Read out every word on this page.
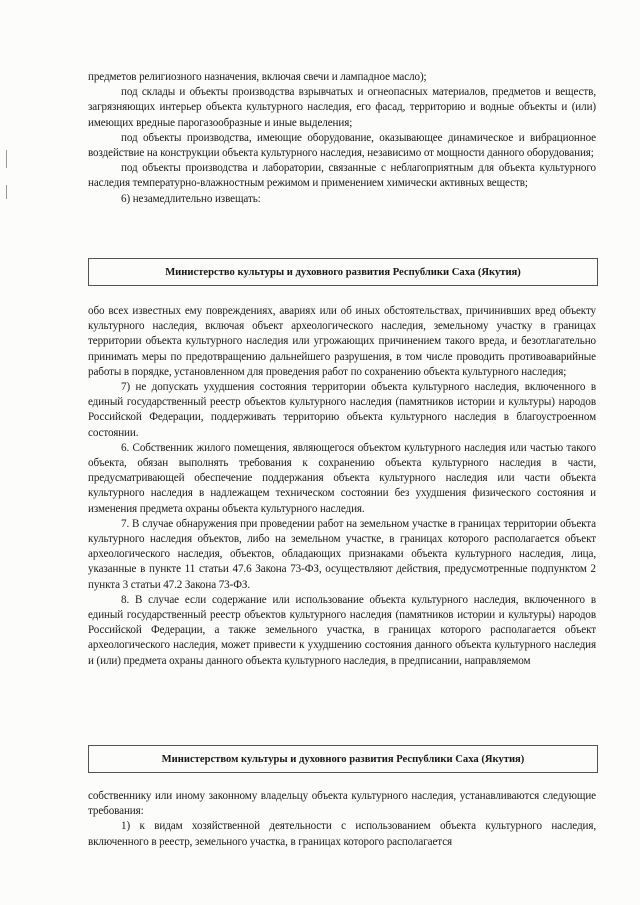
предметов религиозного назначения, включая свечи и лампадное масло);

под склады и объекты производства взрывчатых и огнеопасных материалов, предметов и веществ, загрязняющих интерьер объекта культурного наследия, его фасад, территорию и водные объекты и (или) имеющих вредные парогазообразные и иные выделения;

под объекты производства, имеющие оборудование, оказывающее динамическое и вибрационное воздействие на конструкции объекта культурного наследия, независимо от мощности данного оборудования;

под объекты производства и лаборатории, связанные с неблагоприятным для объекта культурного наследия температурно-влажностным режимом и применением химически активных веществ;

6) незамедлительно извещать:

Министерство культуры и духовного развития Республики Саха (Якутия)

обо всех известных ему повреждениях, авариях или об иных обстоятельствах, причинивших вред объекту культурного наследия, включая объект археологического наследия, земельному участку в границах территории объекта культурного наследия или угрожающих причинением такого вреда, и безотлагательно принимать меры по предотвращению дальнейшего разрушения, в том числе проводить противоаварийные работы в порядке, установленном для проведения работ по сохранению объекта культурного наследия;

7) не допускать ухудшения состояния территории объекта культурного наследия, включенного в единый государственный реестр объектов культурного наследия (памятников истории и культуры) народов Российской Федерации, поддерживать территорию объекта культурного наследия в благоустроенном состоянии.

6. Собственник жилого помещения, являющегося объектом культурного наследия или частью такого объекта, обязан выполнять требования к сохранению объекта культурного наследия в части, предусматривающей обеспечение поддержания объекта культурного наследия или части объекта культурного наследия в надлежащем техническом состоянии без ухудшения физического состояния и изменения предмета охраны объекта культурного наследия.

7. В случае обнаружения при проведении работ на земельном участке в границах территории объекта культурного наследия объектов, либо на земельном участке, в границах которого располагается объект археологического наследия, объектов, обладающих признаками объекта культурного наследия, лица, указанные в пункте 11 статьи 47.6 Закона 73-ФЗ, осуществляют действия, предусмотренные подпунктом 2 пункта 3 статьи 47.2 Закона 73-ФЗ.

8. В случае если содержание или использование объекта культурного наследия, включенного в единый государственный реестр объектов культурного наследия (памятников истории и культуры) народов Российской Федерации, а также земельного участка, в границах которого располагается объект археологического наследия, может привести к ухудшению состояния данного объекта культурного наследия и (или) предмета охраны данного объекта культурного наследия, в предписании, направляемом

Министерством культуры и духовного развития Республики Саха (Якутия)

собственнику или иному законному владельцу объекта культурного наследия, устанавливаются следующие требования:

1) к видам хозяйственной деятельности с использованием объекта культурного наследия, включенного в реестр, земельного участка, в границах которого располагается
